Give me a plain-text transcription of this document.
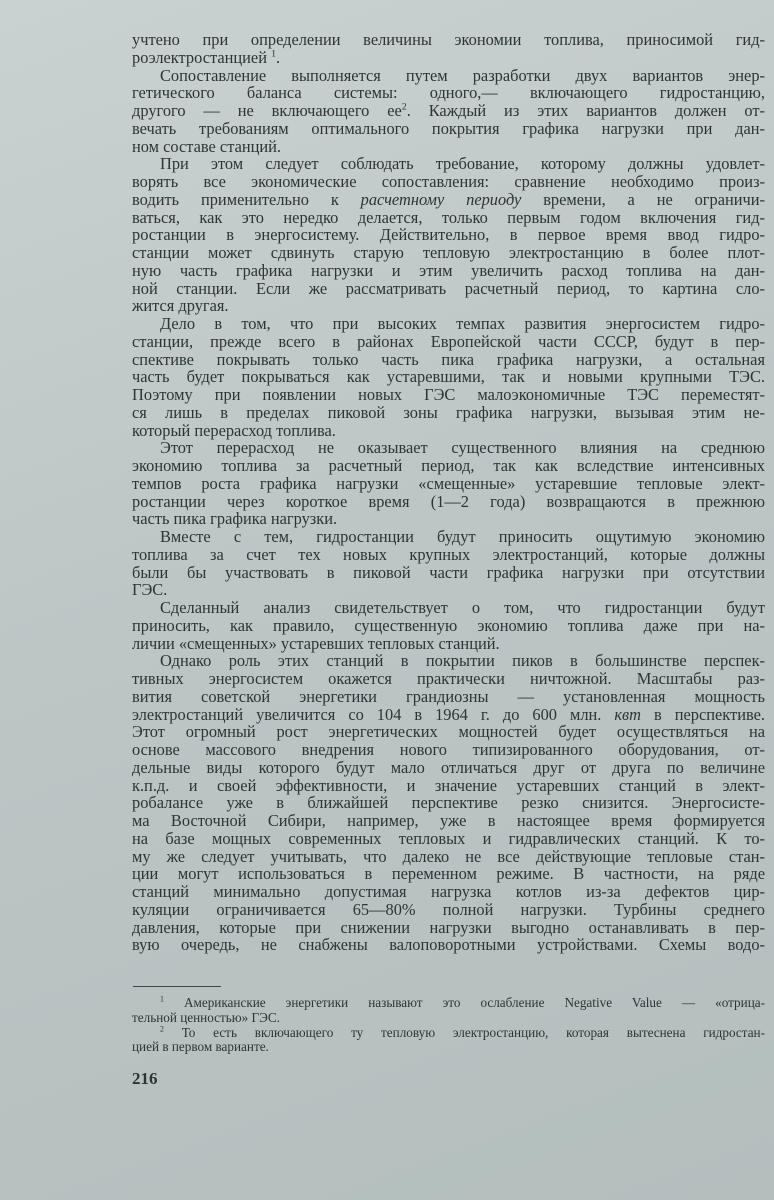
учтено при определении величины экономии топлива, приносимой гид-
роэлектростанцией $^1$.
Сопоставление выполняется путем разработки двух вариантов энер-
гетического баланса системы: одного,— включающего гидростанцию,
другого — не включающего $ее^2$. Каждый из этих вариантов должен от-
вечать требованиям оптимального покрытия графика нагрузки при дан-
ном составе станций.
При этом следует соблюдать требование, которому должны удовлет-
ворять все экономические сопоставления: сравнение необходимо произ-
водить применительно к расчетному периоду времени, а не ограничи-
ваться, как это нередко делается, только первым годом включения гид-
ростанции в энергосистему. Действительно, в первое время ввод гидро-
станции может сдвинуть старую тепловую электростанцию в более плот-
ную часть графика нагрузки и этим увеличить расход топлива на дан-
ной станции. Если же рассматривать расчетный период, то картина сло-
жится другая.
Дело в том, что при высоких темпах развития энергосистем гидро-
станции, прежде всего в районах Европейской части СССР, будут в пер-
спективе покрывать только часть пика графика нагрузки, а остальная
часть будет покрываться как устаревшими, так и новыми крупными ТЭС.
Поэтому при появлении новых ГЭС малоэкономичные ТЭС переместят-
ся лишь в пределах пиковой зоны графика нагрузки, вызывая этим не-
который перерасход топлива.
Этот перерасход не оказывает существенного влияния на среднюю
экономию топлива за расчетный период, так как вследствие интенсивных
темпов роста графика нагрузки «смещенные» устаревшие тепловые элект-
ростанции через короткое время (1—2 года) возвращаются в прежнюю
часть пика графика нагрузки.
Вместе с тем, гидростанции будут приносить ощутимую экономию
топлива за счет тех новых крупных электростанций, которые должны
были бы участвовать в пиковой части графика нагрузки при отсутствии
ГЭС.
Сделанный анализ свидетельствует о том, что гидростанции будут
приносить, как правило, существенную экономию топлива даже при на-
личии «смещенных» устаревших тепловых станций.
Однако роль этих станций в покрытии пиков в большинстве перспек-
тивных энергосистем окажется практически ничтожной. Масштабы раз-
вития советской энергетики грандиозны — установленная мощность
электростанций увеличится со 104 в 1964 г. до 600 млн. квт в перспективе.
Этот огромный рост энергетических мощностей будет осуществляться на
основе массового внедрения нового типизированного оборудования, от-
дельные виды которого будут мало отличаться друг от друга по величине
к.п.д. и своей эффективности, и значение устаревших станций в элект-
робалансе уже в ближайшей перспективе резко снизится. Энергосисте-
ма Восточной Сибири, например, уже в настоящее время формируется
на базе мощных современных тепловых и гидравлических станций. К то-
му же следует учитывать, что далеко не все действующие тепловые стан-
ции могут использоваться в переменном режиме. В частности, на ряде
станций минимально допустимая нагрузка котлов из-за дефектов цир-
куляции ограничивается 65—80% полной нагрузки. Турбины среднего
давления, которые при снижении нагрузки выгодно останавливать в пер-
вую очередь, не снабжены валоповоротными устройствами. Схемы водо-
$^1$ Американские энергетики называют это ослабление Negative Value — «отрица-
тельной ценностью» ГЭС.
$^2$ То есть включающего ту тепловую электростанцию, которая вытеснена гидростан-
цией в первом варианте.
216
